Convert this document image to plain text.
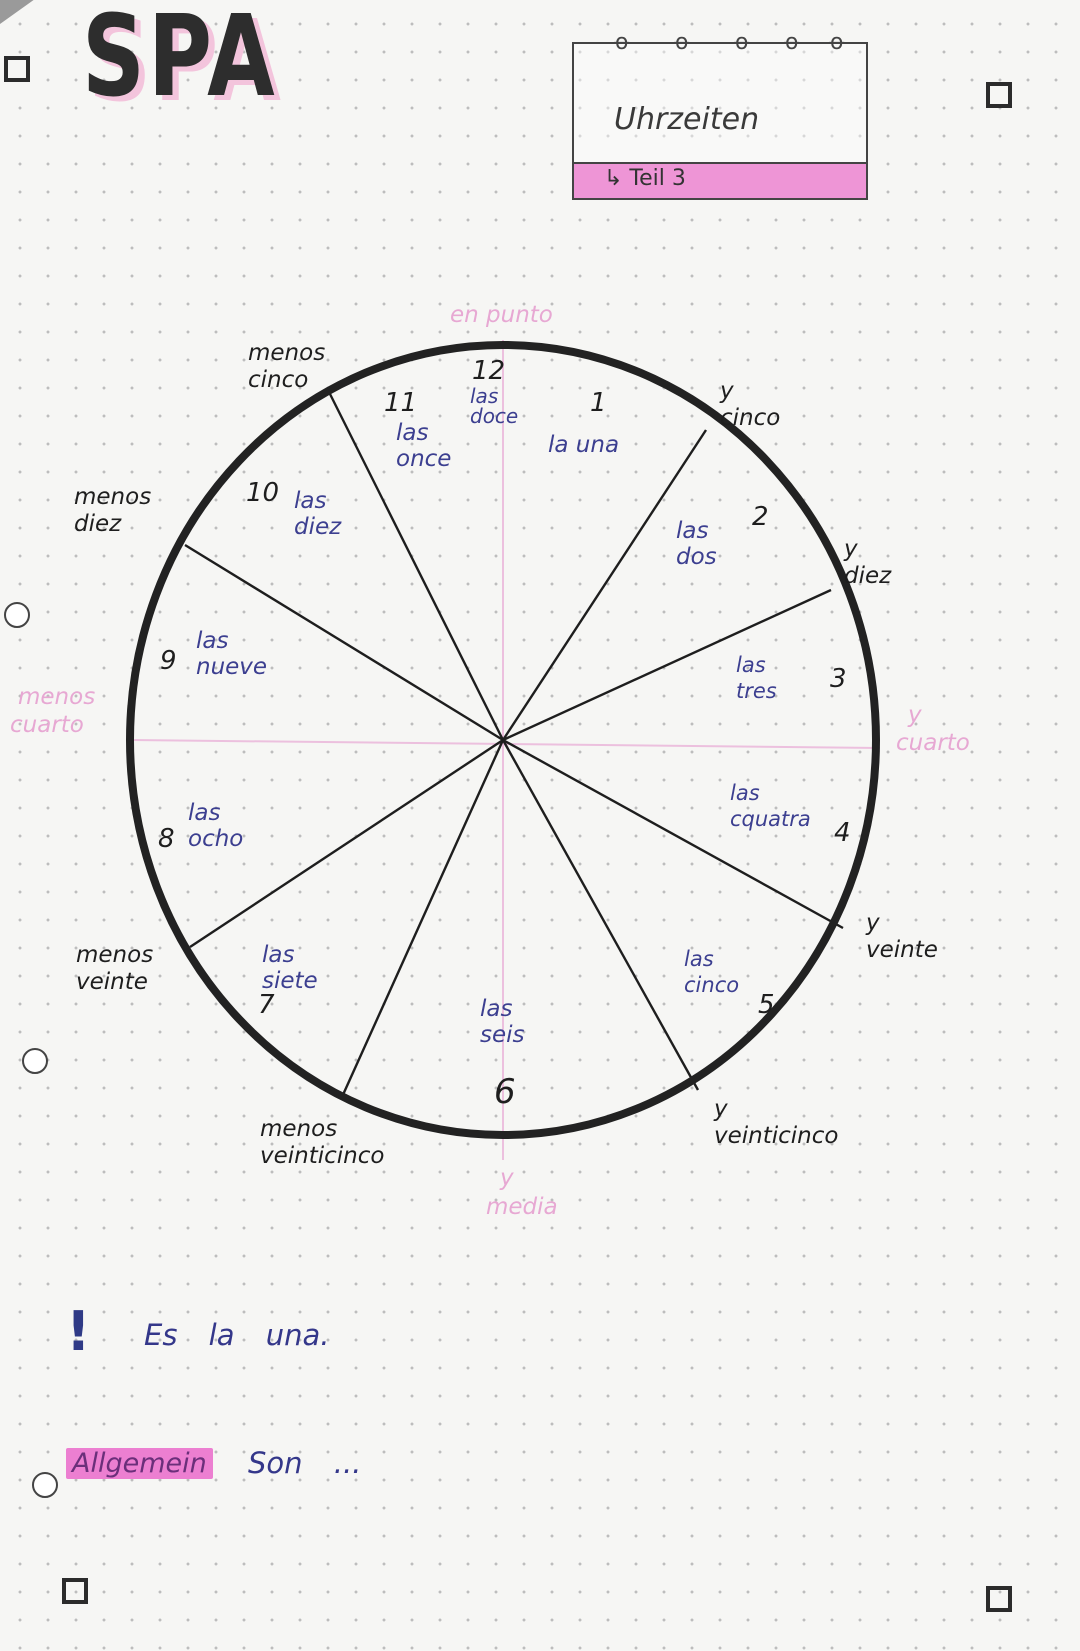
SPA	ꝋ ꝋ ꝋ ꝋ ꝋ
Uhrzeiten
↳ Teil 3
en punto
y
media
menos
cuarto	y
cuarto
12
1
2
3
4
5
6
7
8
9
10
11	las doce
la una
las dos
las tres
las cquatra
las cinco
las seis
las siete
las ocho
las nueve
las diez
las once
menos
cinco	y
cinco
menos
diez
y
diez
menos
veinte
y
veinte
menos
veinticinco
y
veinticinco
! Es la una.
Allgemein Son ...
